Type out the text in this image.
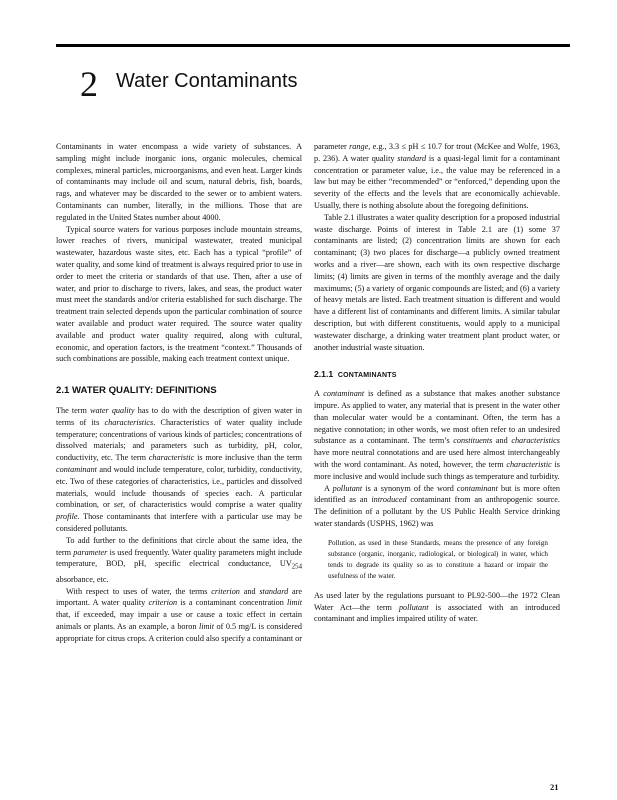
2 Water Contaminants

Contaminants in water encompass a wide variety of substances. A sampling might include inorganic ions, organic molecules, chemical complexes, mineral particles, microorganisms, and even heat. Larger kinds of contaminants may include oil and scum, natural debris, fish, boards, rags, and whatever may be discarded to the sewer or to ambient waters. Contaminants can number, literally, in the millions. Those that are regulated in the United States number about 4000.

Typical source waters for various purposes include mountain streams, lower reaches of rivers, municipal wastewater, treated municipal wastewater, hazardous waste sites, etc. Each has a typical “profile” of water quality, and some kind of treatment is always required prior to use in order to meet the criteria or standards of that use. Then, after a use of water, and prior to discharge to rivers, lakes, and seas, the product water must meet the standards and/or criteria established for such discharge. The treatment train selected depends upon the particular combination of source water available and product water required. The source water quality available and product water quality required, along with cultural, economic, and operation factors, is the treatment “context.” Thousands of such combinations are possible, making each treatment context unique.

2.1 WATER QUALITY: DEFINITIONS

The term water quality has to do with the description of given water in terms of its characteristics. Characteristics of water quality include temperature; concentrations of various kinds of particles; concentrations of dissolved materials; and parameters such as turbidity, pH, color, conductivity, etc. The term characteristic is more inclusive than the term contaminant and would include temperature, color, turbidity, conductivity, etc. Two of these categories of characteristics, i.e., particles and dissolved materials, would include thousands of species each. A particular combination, or set, of characteristics would comprise a water quality profile. Those contaminants that interfere with a particular use may be considered pollutants.

To add further to the definitions that circle about the same idea, the term parameter is used frequently. Water quality parameters might include temperature, BOD, pH, specific electrical conductance, $UV_{254}$ absorbance, etc.

With respect to uses of water, the terms criterion and standard are important. A water quality criterion is a contaminant concentration limit that, if exceeded, may impair a use or cause a toxic effect in certain animals or plants. As an example, a boron limit of 0.5 mg/L is considered appropriate for citrus crops. A criterion could also specify a contaminant or

parameter range, e.g., 3.3 ≤ pH ≤ 10.7 for trout (McKee and Wolfe, 1963, p. 236). A water quality standard is a quasi-legal limit for a contaminant concentration or parameter value, i.e., the value may be referenced in a law but may be either “recommended” or “enforced,” depending upon the severity of the effects and the levels that are economically achievable. Usually, there is nothing absolute about the foregoing definitions.

Table 2.1 illustrates a water quality description for a proposed industrial waste discharge. Points of interest in Table 2.1 are (1) some 37 contaminants are listed; (2) concentration limits are shown for each contaminant; (3) two places for discharge—a publicly owned treatment works and a river—are shown, each with its own respective discharge limits; (4) limits are given in terms of the monthly average and the daily maximums; (5) a variety of organic compounds are listed; and (6) a variety of heavy metals are listed. Each treatment situation is different and would have a different list of contaminants and different limits. A similar tabular description, but with different constituents, would apply to a municipal wastewater discharge, a drinking water treatment plant product water, or another industrial waste situation.

2.1.1 CONTAMINANTS

A contaminant is defined as a substance that makes another substance impure. As applied to water, any material that is present in the water other than molecular water would be a contaminant. Often, the term has a negative connotation; in other words, we most often refer to an undesired substance as a contaminant. The term’s constituents and characteristics have more neutral connotations and are used here almost interchangeably with the word contaminant. As noted, however, the term characteristic is more inclusive and would include such things as temperature and turbidity.

A pollutant is a synonym of the word contaminant but is more often identified as an introduced contaminant from an anthropogenic source. The definition of a pollutant by the US Public Health Service drinking water standards (USPHS, 1962) was

Pollution, as used in these Standards, means the presence of any foreign substance (organic, inorganic, radiological, or biological) in water, which tends to degrade its quality so as to constitute a hazard or impair the usefulness of the water.

As used later by the regulations pursuant to PL92-500—the 1972 Clean Water Act—the term pollutant is associated with an introduced contaminant and implies impaired utility of water.

21
